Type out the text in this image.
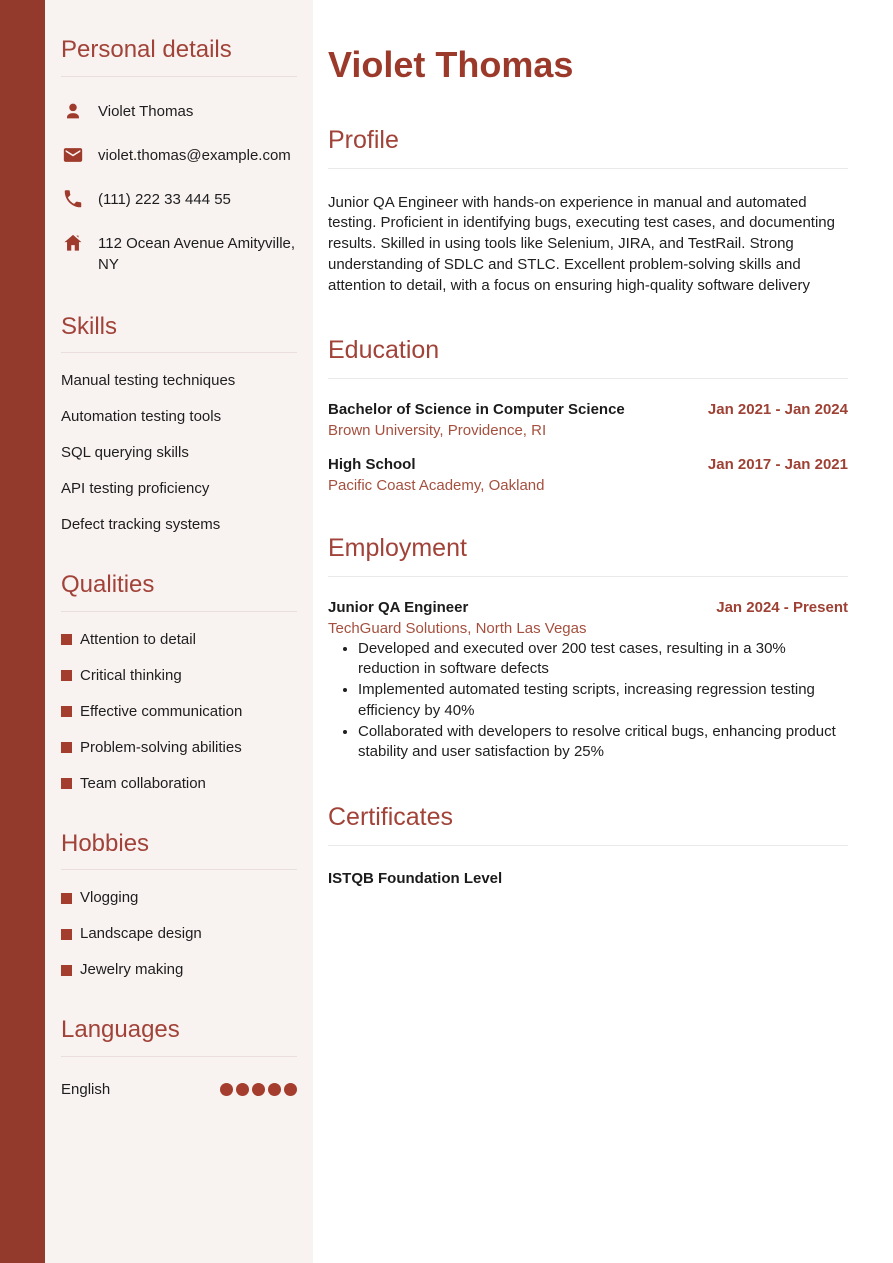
Personal details
Violet Thomas
violet.thomas@example.com
(111) 222 33 444 55
112 Ocean Avenue Amityville, NY
Skills
Manual testing techniques
Automation testing tools
SQL querying skills
API testing proficiency
Defect tracking systems
Qualities
Attention to detail
Critical thinking
Effective communication
Problem-solving abilities
Team collaboration
Hobbies
Vlogging
Landscape design
Jewelry making
Languages
English
Violet Thomas
Profile

Junior QA Engineer with hands-on experience in manual and automated testing. Proficient in identifying bugs, executing test cases, and documenting results. Skilled in using tools like Selenium, JIRA, and TestRail. Strong understanding of SDLC and STLC. Excellent problem-solving skills and attention to detail, with a focus on ensuring high-quality software delivery

Education
Bachelor of Science in Computer Science	Jan 2021 - Jan 2024
Brown University, Providence, RI
High School	Jan 2017 - Jan 2021
Pacific Coast Academy, Oakland
Employment
Junior QA Engineer	Jan 2024 - Present
TechGuard Solutions, North Las Vegas
• Developed and executed over 200 test cases, resulting in a 30% reduction in software defects
• Implemented automated testing scripts, increasing regression testing efficiency by 40%
• Collaborated with developers to resolve critical bugs, enhancing product stability and user satisfaction by 25%
Certificates
ISTQB Foundation Level
